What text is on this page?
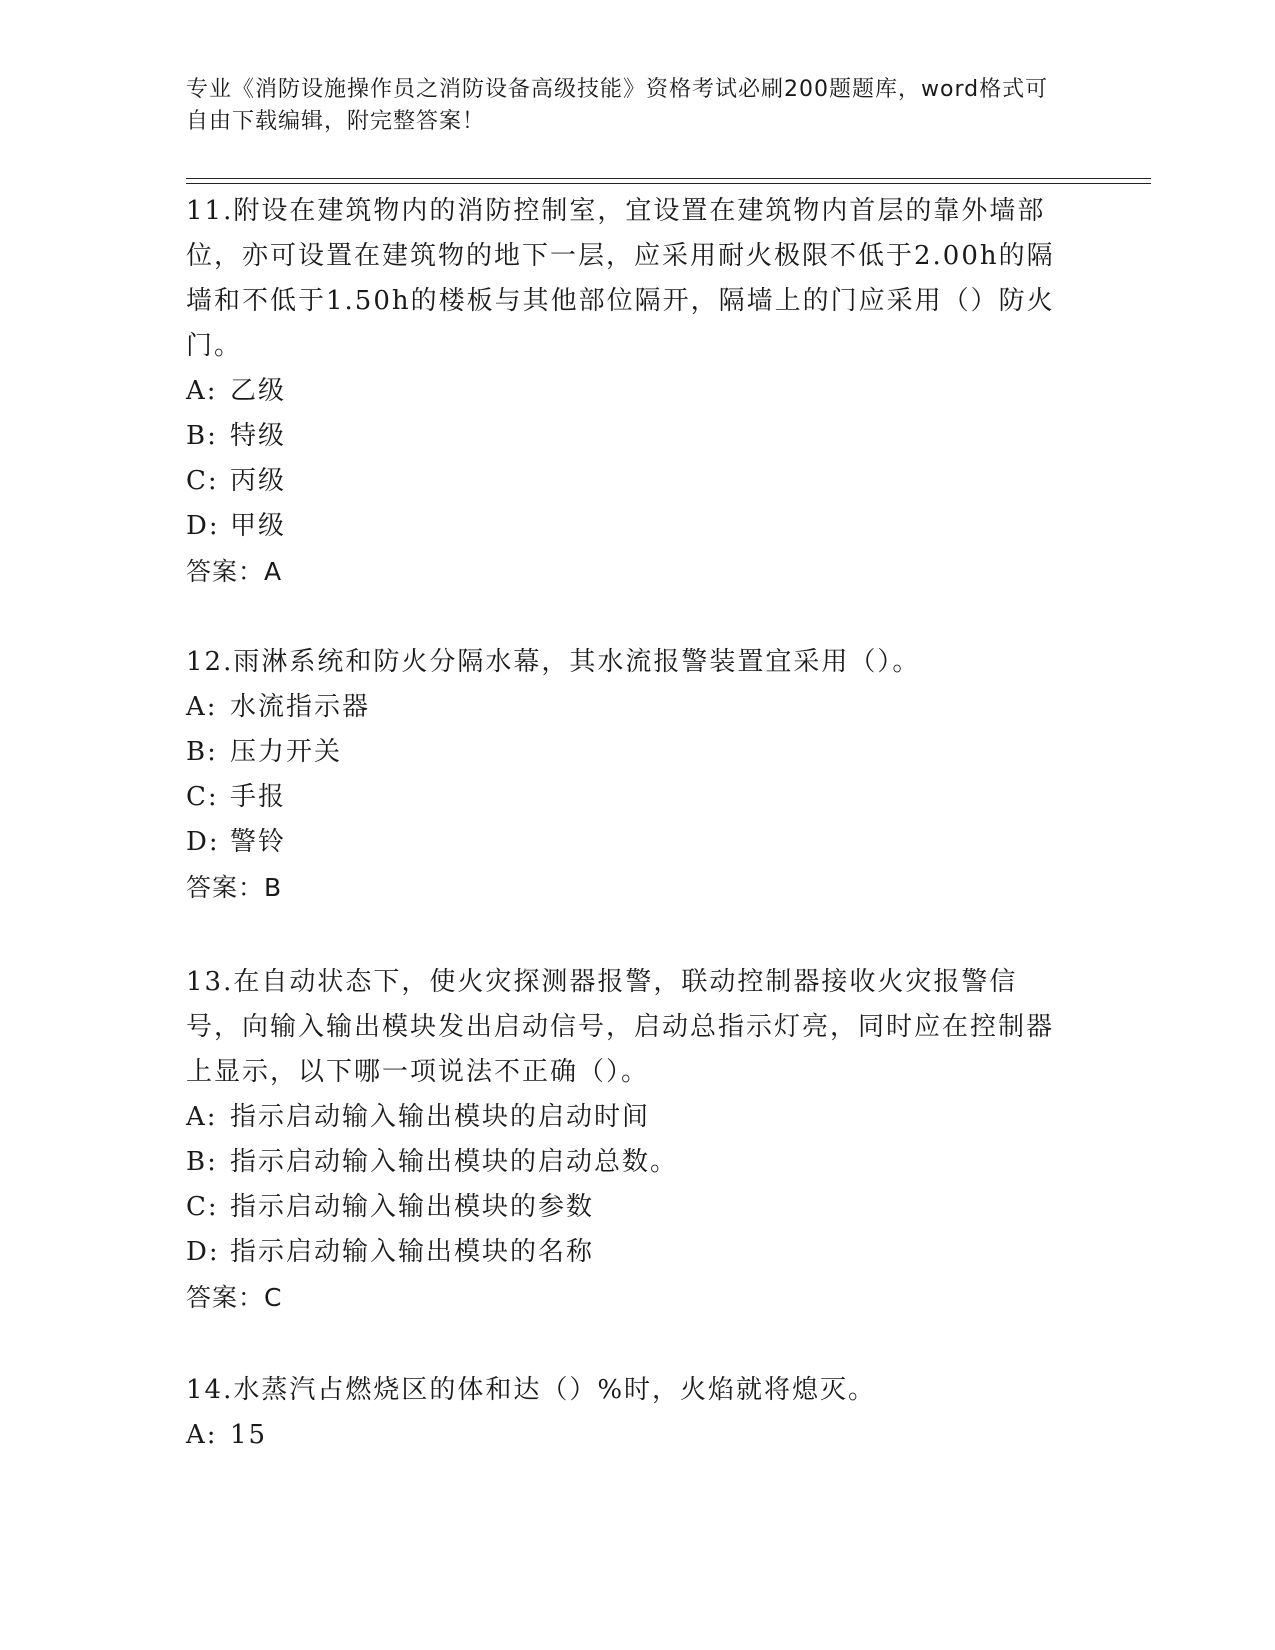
专业《消防设施操作员之消防设备高级技能》资格考试必刷200题题库，word格式可自由下载编辑，附完整答案！

11.附设在建筑物内的消防控制室，宜设置在建筑物内首层的靠外墙部位，亦可设置在建筑物的地下一层，应采用耐火极限不低于2.00h的隔墙和不低于1.50h的楼板与其他部位隔开，隔墙上的门应采用（）防火门。

A: 乙级

B: 特级

C: 丙级

D: 甲级

答案：A

12.雨淋系统和防火分隔水幕，其水流报警装置宜采用（）。

A: 水流指示器

B: 压力开关

C: 手报

D: 警铃

答案：B

13.在自动状态下，使火灾探测器报警，联动控制器接收火灾报警信号，向输入输出模块发出启动信号，启动总指示灯亮，同时应在控制器上显示，以下哪一项说法不正确（）。

A: 指示启动输入输出模块的启动时间

B: 指示启动输入输出模块的启动总数。

C: 指示启动输入输出模块的参数

D: 指示启动输入输出模块的名称

答案：C

14.水蒸汽占燃烧区的体和达（）%时，火焰就将熄灭。

A: 15
